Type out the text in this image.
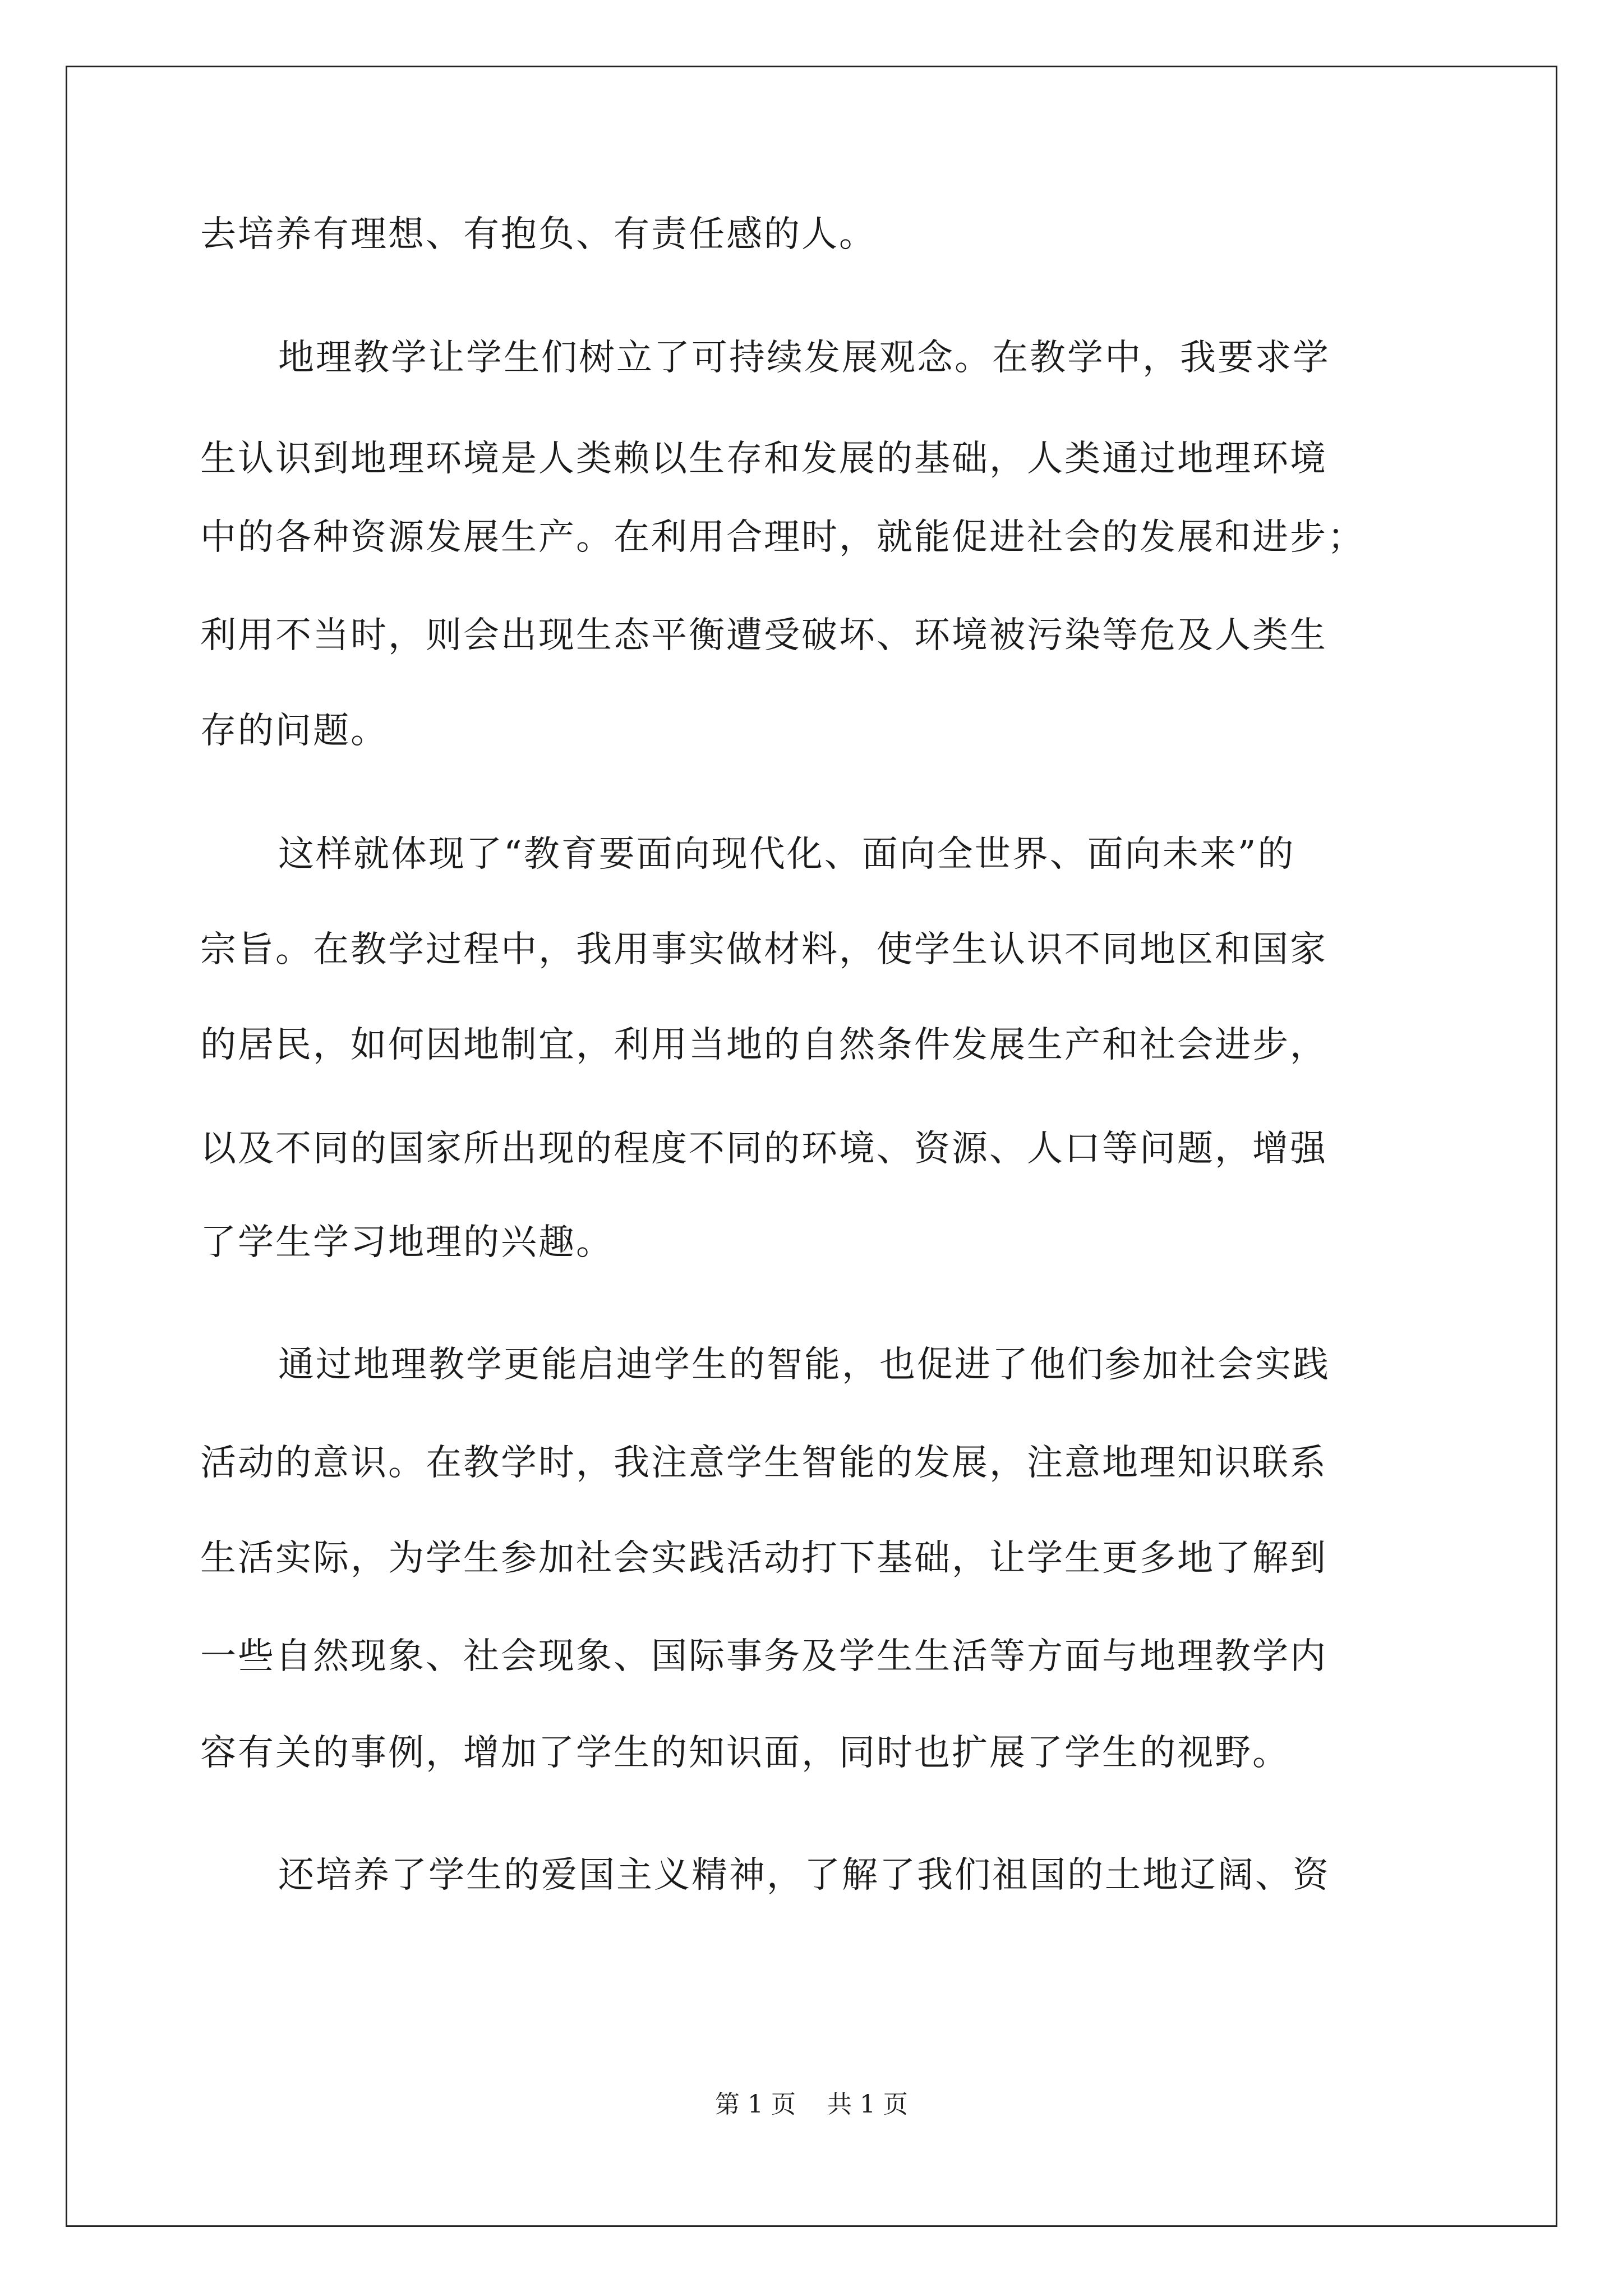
去培养有理想、有抱负、有责任感的人。
地理教学让学生们树立了可持续发展观念。在教学中，我要求学
生认识到地理环境是人类赖以生存和发展的基础，人类通过地理环境
中的各种资源发展生产。在利用合理时，就能促进社会的发展和进步；
利用不当时，则会出现生态平衡遭受破坏、环境被污染等危及人类生
存的问题。
这样就体现了“教育要面向现代化、面向全世界、面向未来”的
宗旨。在教学过程中，我用事实做材料，使学生认识不同地区和国家
的居民，如何因地制宜，利用当地的自然条件发展生产和社会进步，
以及不同的国家所出现的程度不同的环境、资源、人口等问题，增强
了学生学习地理的兴趣。
通过地理教学更能启迪学生的智能，也促进了他们参加社会实践
活动的意识。在教学时，我注意学生智能的发展，注意地理知识联系
生活实际，为学生参加社会实践活动打下基础，让学生更多地了解到
一些自然现象、社会现象、国际事务及学生生活等方面与地理教学内
容有关的事例，增加了学生的知识面，同时也扩展了学生的视野。
还培养了学生的爱国主义精神，了解了我们祖国的土地辽阔、资
第 1 页    共 1 页
